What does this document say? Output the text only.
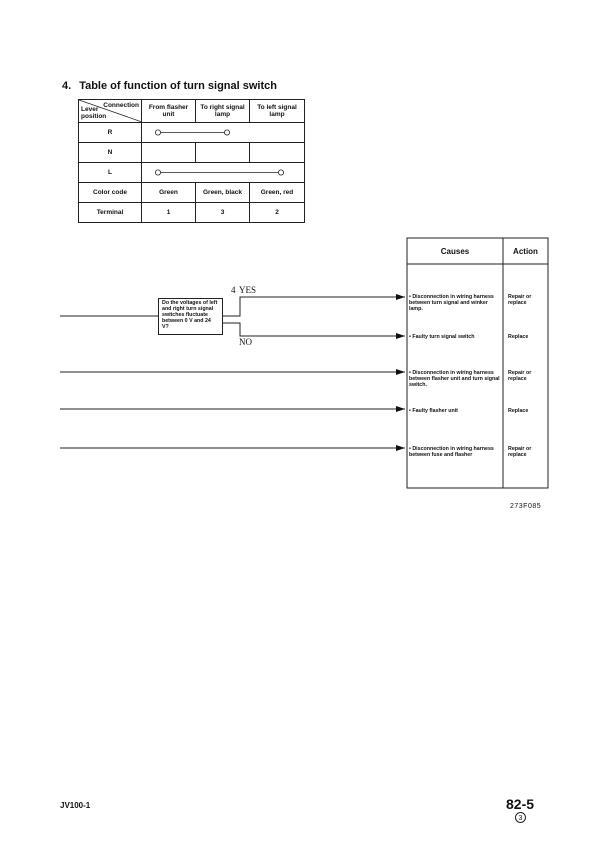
4. Table of function of turn signal switch
Connection
Lever position	From flasher unit	To right signal lamp	To left signal lamp
R	

N			
L	

Color code	Green	Green, black	Green, red
Terminal	1	3	2
4 YES
NO
Do the voltages of left and right turn signal switches fluctuate between 0 V and 24 V?
Causes	Action
• Disconnection in wiring harness between turn signal and winker lamp.
Repair or replace
• Faulty turn signal switch	Replace
• Disconnection in wiring harness between flasher unit and turn signal switch.
Repair or replace
• Faulty flasher unit	Replace
• Disconnection in wiring harness between fuse and flasher
Repair or replace
273F085
JV100-1	82-5
3
